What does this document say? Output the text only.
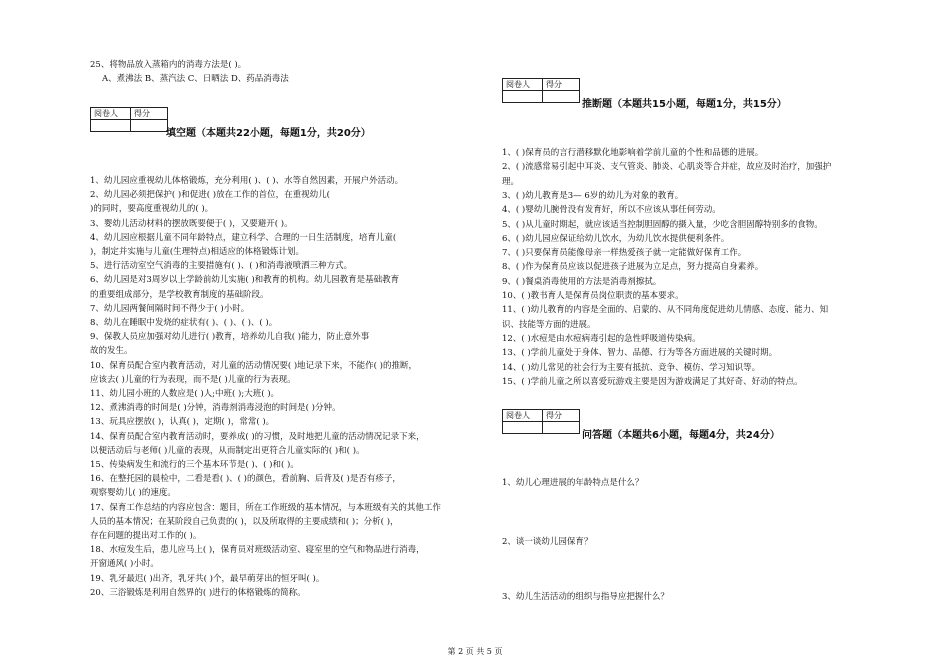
25、将物品放入蒸箱内的消毒方法是( )。
A、煮沸法 B、蒸汽法 C、日晒法 D、药品消毒法
阅卷人	得分

填空题（本题共22小题，每题1分，共20分）
1、幼儿园应重视幼儿体格锻炼，充分利用( )、( )、水等自然因素，开展户外活动。
2、幼儿园必须把保护( )和促进( )放在工作的首位，在重视幼儿(
)的同时，要高度重视幼儿的( )。
3、婴幼儿活动材料的摆放既要便于( )，又要避开( )。
4、幼儿园应根据儿童不同年龄特点，建立科学、合理的一日生活制度，培育儿童(
)，制定并实施与儿童(生理特点)相适应的体格锻炼计划。
5、进行活动室空气消毒的主要措施有( )、( )和消毒液喷洒三种方式。
6、幼儿园是对3周岁以上学龄前幼儿实施( )和教育的机构。幼儿园教育是基础教育
的重要组成部分，是学校教育制度的基础阶段。
7、幼儿园两餐间隔时间不得少于( )小时。
8、幼儿在睡眠中发烧的症状有( )、( )、( )、( )。
9、保教人员应加强对幼儿进行( )教育，培养幼儿自我( )能力，防止意外事
故的发生。
10、保育员配合室内教育活动，对儿童的活动情况要( )地记录下来，不能作( )的推断，
应该去( )儿童的行为表现，而不是( )儿童的行为表现。
11、幼儿园小班的人数应是( )人;中班( );大班( )。
12、煮沸消毒的时间是( )分钟，消毒剂消毒浸泡的时间是( )分钟。
13、玩具应摆放( )，认真( )，定期( )，常常( )。
14、保育员配合室内教育活动时，要养成( )的习惯，及时地把儿童的活动情况记录下来，
以便活动后与老师( )儿童的表现，从而制定出更符合儿童实际的( )和( )。
15、传染病发生和流行的三个基本环节是( )、( )和( )。
16、在整托园的晨检中，二看是看( )、( )的颜色，看前胸、后背及( )是否有疹子，
观察婴幼儿( )的速度。
17、保育工作总结的内容应包含：题目，所在工作班级的基本情况，与本班级有关的其他工作
人员的基本情况；在某阶段自己负责的( )，以及所取得的主要成绩和( )；分析( )，
存在问题的提出对工作的( )。
18、水痘发生后，患儿应马上( )，保育员对班级活动室、寝室里的空气和物品进行消毒，
开窗通风( )小时。
19、乳牙最迟( )出齐，乳牙共( )个，最早萌芽出的恒牙叫( )。
20、三浴锻炼是利用自然界的( )进行的体格锻炼的简称。
阅卷人	得分

推断题（本题共15小题，每题1分，共15分）
1、( )保育员的言行潜移默化地影响着学前儿童的个性和品德的进展。
2、( )流感常易引起中耳炎、支气管炎、肺炎、心肌炎等合并症，故应及时治疗，加强护
理。
3、( )幼儿教育是3— 6岁的幼儿为对象的教育。
4、( )婴幼儿腕骨没有发育好，所以不应该从事任何劳动。
5、( )从儿童时期起，就应该适当控制胆固醇的摄入量，少吃含胆固醇特别多的食物。
6、( )幼儿园应保证给幼儿饮水，为幼儿饮水提供便利条件。
7、( )只要保育员能像母亲一样热爱孩子就一定能做好保育工作。
8、( )作为保育员应该以促进孩子进展为立足点，努力提高自身素养。
9、( )餐桌消毒使用的方法是消毒剂擦拭。
10、( )教书育人是保育员岗位职责的基本要求。
11、( )幼儿教育的内容是全面的、启蒙的、从不同角度促进幼儿情感、态度、能力、知
识、技能等方面的进展。
12、( )水痘是由水痘病毒引起的急性呼吸道传染病。
13、( )学前儿童处于身体、智力、品德、行为等各方面进展的关键时期。
14、( )幼儿常见的社会行为主要有抵抗、竞争、模仿、学习知识等。
15、( )学前儿童之所以喜爱玩游戏主要是因为游戏满足了其好奇、好动的特点。
阅卷人	得分

问答题（本题共6小题，每题4分，共24分）
1、幼儿心理进展的年龄特点是什么？
2、谈一谈幼儿园保育？
3、幼儿生活活动的组织与指导应把握什么？
第 2 页 共 5 页
